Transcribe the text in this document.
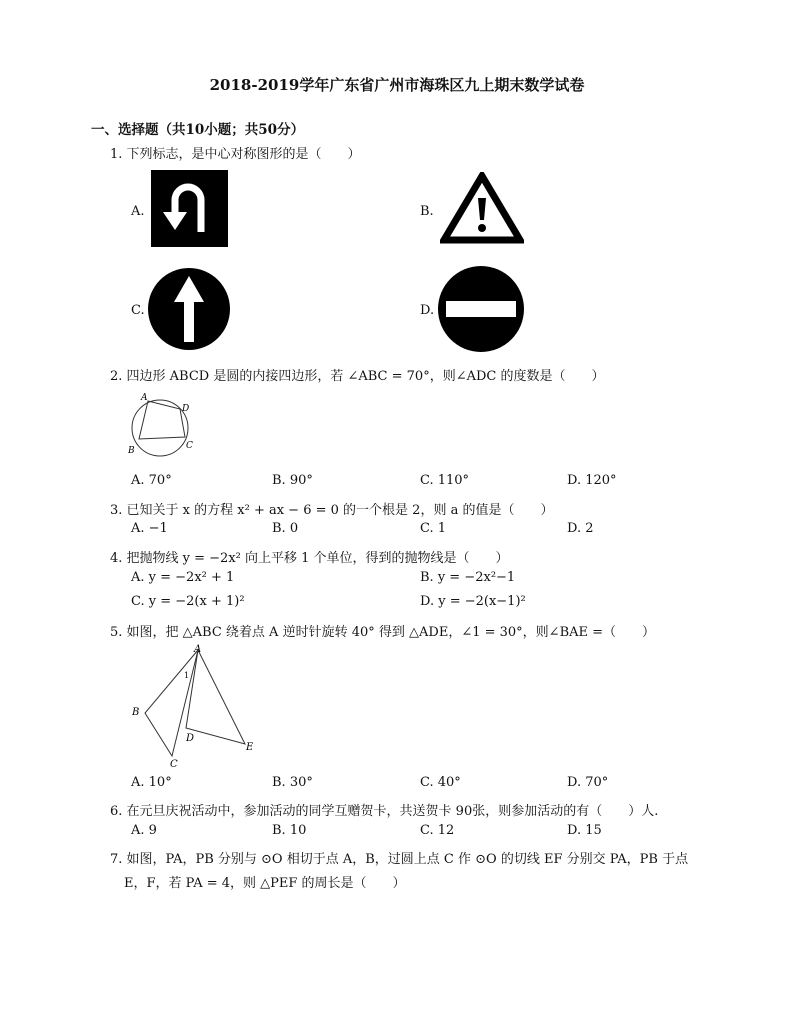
2018-2019学年广东省广州市海珠区九上期末数学试卷
一、选择题（共10小题；共50分）
1. 下列标志，是中心对称图形的是（　　）
A.	B.
C.	D.
2. 四边形 ABCD 是圆的内接四边形，若 ∠ABC = 70°，则∠ADC 的度数是（　　）
A
D
B	C
A. 70°	B. 90°	C. 110°	D. 120°
3. 已知关于 x 的方程 x² + ax − 6 = 0 的一个根是 2，则 a 的值是（　　）
A. −1	B. 0	C. 1	D. 2
4. 把抛物线 y = −2x² 向上平移 1 个单位，得到的抛物线是（　　）
A. y = −2x² + 1	B. y = −2x²−1
C. y = −2(x + 1)²	D. y = −2(x−1)²
5. 如图，把 △ABC 绕着点 A 逆时针旋转 40° 得到 △ADE，∠1 = 30°，则∠BAE =（　　）
A
B
C
D
E
1
A. 10°	B. 30°	C. 40°	D. 70°
6. 在元旦庆祝活动中，参加活动的同学互赠贺卡，共送贺卡 90张，则参加活动的有（　　）人.
A. 9	B. 10	C. 12	D. 15
7. 如图，PA，PB 分别与 ⊙O 相切于点 A，B，过圆上点 C 作 ⊙O 的切线 EF 分别交 PA，PB 于点
E，F，若 PA = 4，则 △PEF 的周长是（　　）
